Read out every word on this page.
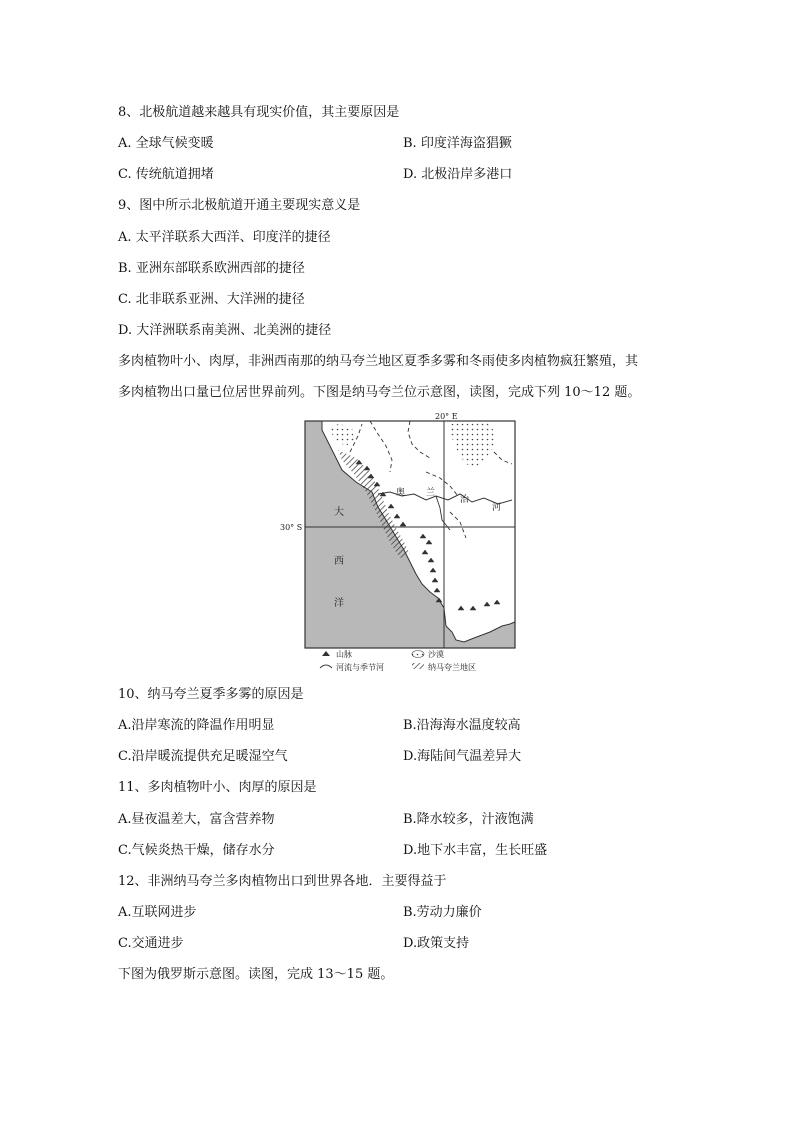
8、北极航道越来越具有现实价值，其主要原因是
A. 全球气候变暖	B. 印度洋海盗猖獗
C. 传统航道拥堵	D. 北极沿岸多港口
9、图中所示北极航道开通主要现实意义是
A. 太平洋联系大西洋、印度洋的捷径
B. 亚洲东部联系欧洲西部的捷径
C. 北非联系亚洲、大洋洲的捷径
D. 大洋洲联系南美洲、北美洲的捷径
多肉植物叶小、肉厚，非洲西南那的纳马夸兰地区夏季多雾和冬雨使多肉植物疯狂繁殖，其
多肉植物出口量已位居世界前列。下图是纳马夸兰位示意图，读图，完成下列 10～12 题。
20° E
30° S
大
西
洋
奥 兰
治
河
山脉	沙漠
河流与季节河	纳马夸兰地区
10、纳马夸兰夏季多雾的原因是
A.沿岸寒流的降温作用明显	B.沿海海水温度较高
C.沿岸暖流提供充足暖湿空气	D.海陆间气温差异大
11、多肉植物叶小、肉厚的原因是
A.昼夜温差大，富含营养物	B.降水较多，汁液饱满
C.气候炎热干燥，储存水分	D.地下水丰富，生长旺盛
12、非洲纳马夸兰多肉植物出口到世界各地．主要得益于
A.互联网进步	B.劳动力廉价
C.交通进步	D.政策支持
下图为俄罗斯示意图。读图，完成 13～15 题。
